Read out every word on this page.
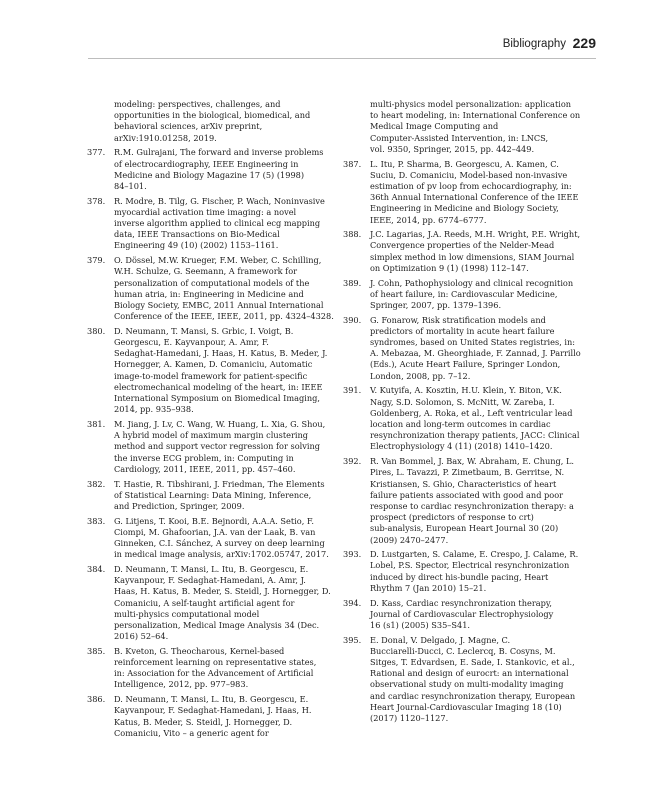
Bibliography 229
modeling: perspectives, challenges, and
opportunities in the biological, biomedical, and
behavioral sciences, arXiv preprint,
arXiv:1910.01258, 2019.
377.	R.M. Gulrajani, The forward and inverse problems
of electrocardiography, IEEE Engineering in
Medicine and Biology Magazine 17 (5) (1998)
84–101.
378.	R. Modre, B. Tilg, G. Fischer, P. Wach, Noninvasive
myocardial activation time imaging: a novel
inverse algorithm applied to clinical ecg mapping
data, IEEE Transactions on Bio-Medical
Engineering 49 (10) (2002) 1153–1161.
379.	O. Dössel, M.W. Krueger, F.M. Weber, C. Schilling,
W.H. Schulze, G. Seemann, A framework for
personalization of computational models of the
human atria, in: Engineering in Medicine and
Biology Society, EMBC, 2011 Annual International
Conference of the IEEE, IEEE, 2011, pp. 4324–4328.
380.	D. Neumann, T. Mansi, S. Grbic, I. Voigt, B.
Georgescu, E. Kayvanpour, A. Amr, F.
Sedaghat-Hamedani, J. Haas, H. Katus, B. Meder, J.
Hornegger, A. Kamen, D. Comaniciu, Automatic
image-to-model framework for patient-specific
electromechanical modeling of the heart, in: IEEE
International Symposium on Biomedical Imaging,
2014, pp. 935–938.
381.	M. Jiang, J. Lv, C. Wang, W. Huang, L. Xia, G. Shou,
A hybrid model of maximum margin clustering
method and support vector regression for solving
the inverse ECG problem, in: Computing in
Cardiology, 2011, IEEE, 2011, pp. 457–460.
382.	T. Hastie, R. Tibshirani, J. Friedman, The Elements
of Statistical Learning: Data Mining, Inference,
and Prediction, Springer, 2009.
383.	G. Litjens, T. Kooi, B.E. Bejnordi, A.A.A. Setio, F.
Ciompi, M. Ghafoorian, J.A. van der Laak, B. van
Ginneken, C.I. Sánchez, A survey on deep learning
in medical image analysis, arXiv:1702.05747, 2017.
384.	D. Neumann, T. Mansi, L. Itu, B. Georgescu, E.
Kayvanpour, F. Sedaghat-Hamedani, A. Amr, J.
Haas, H. Katus, B. Meder, S. Steidl, J. Hornegger, D.
Comaniciu, A self-taught artificial agent for
multi-physics computational model
personalization, Medical Image Analysis 34 (Dec.
2016) 52–64.
385.	B. Kveton, G. Theocharous, Kernel-based
reinforcement learning on representative states,
in: Association for the Advancement of Artificial
Intelligence, 2012, pp. 977–983.
386.	D. Neumann, T. Mansi, L. Itu, B. Georgescu, E.
Kayvanpour, F. Sedaghat-Hamedani, J. Haas, H.
Katus, B. Meder, S. Steidl, J. Hornegger, D.
Comaniciu, Vito – a generic agent for
multi-physics model personalization: application
to heart modeling, in: International Conference on
Medical Image Computing and
Computer-Assisted Intervention, in: LNCS,
vol. 9350, Springer, 2015, pp. 442–449.
387.	L. Itu, P. Sharma, B. Georgescu, A. Kamen, C.
Suciu, D. Comaniciu, Model-based non-invasive
estimation of pv loop from echocardiography, in:
36th Annual International Conference of the IEEE
Engineering in Medicine and Biology Society,
IEEE, 2014, pp. 6774–6777.
388.	J.C. Lagarias, J.A. Reeds, M.H. Wright, P.E. Wright,
Convergence properties of the Nelder-Mead
simplex method in low dimensions, SIAM Journal
on Optimization 9 (1) (1998) 112–147.
389.	J. Cohn, Pathophysiology and clinical recognition
of heart failure, in: Cardiovascular Medicine,
Springer, 2007, pp. 1379–1396.
390.	G. Fonarow, Risk stratification models and
predictors of mortality in acute heart failure
syndromes, based on United States registries, in:
A. Mebazaa, M. Gheorghiade, F. Zannad, J. Parrillo
(Eds.), Acute Heart Failure, Springer London,
London, 2008, pp. 7–12.
391.	V. Kutyifa, A. Kosztin, H.U. Klein, Y. Biton, V.K.
Nagy, S.D. Solomon, S. McNitt, W. Zareba, I.
Goldenberg, A. Roka, et al., Left ventricular lead
location and long-term outcomes in cardiac
resynchronization therapy patients, JACC: Clinical
Electrophysiology 4 (11) (2018) 1410–1420.
392.	R. Van Bommel, J. Bax, W. Abraham, E. Chung, L.
Pires, L. Tavazzi, P. Zimetbaum, B. Gerritse, N.
Kristiansen, S. Ghio, Characteristics of heart
failure patients associated with good and poor
response to cardiac resynchronization therapy: a
prospect (predictors of response to crt)
sub-analysis, European Heart Journal 30 (20)
(2009) 2470–2477.
393.	D. Lustgarten, S. Calame, E. Crespo, J. Calame, R.
Lobel, P.S. Spector, Electrical resynchronization
induced by direct his-bundle pacing, Heart
Rhythm 7 (Jan 2010) 15–21.
394.	D. Kass, Cardiac resynchronization therapy,
Journal of Cardiovascular Electrophysiology
16 (s1) (2005) S35–S41.
395.	E. Donal, V. Delgado, J. Magne, C.
Bucciarelli-Ducci, C. Leclercq, B. Cosyns, M.
Sitges, T. Edvardsen, E. Sade, I. Stankovic, et al.,
Rational and design of eurocrt: an international
observational study on multi-modality imaging
and cardiac resynchronization therapy, European
Heart Journal-Cardiovascular Imaging 18 (10)
(2017) 1120–1127.
